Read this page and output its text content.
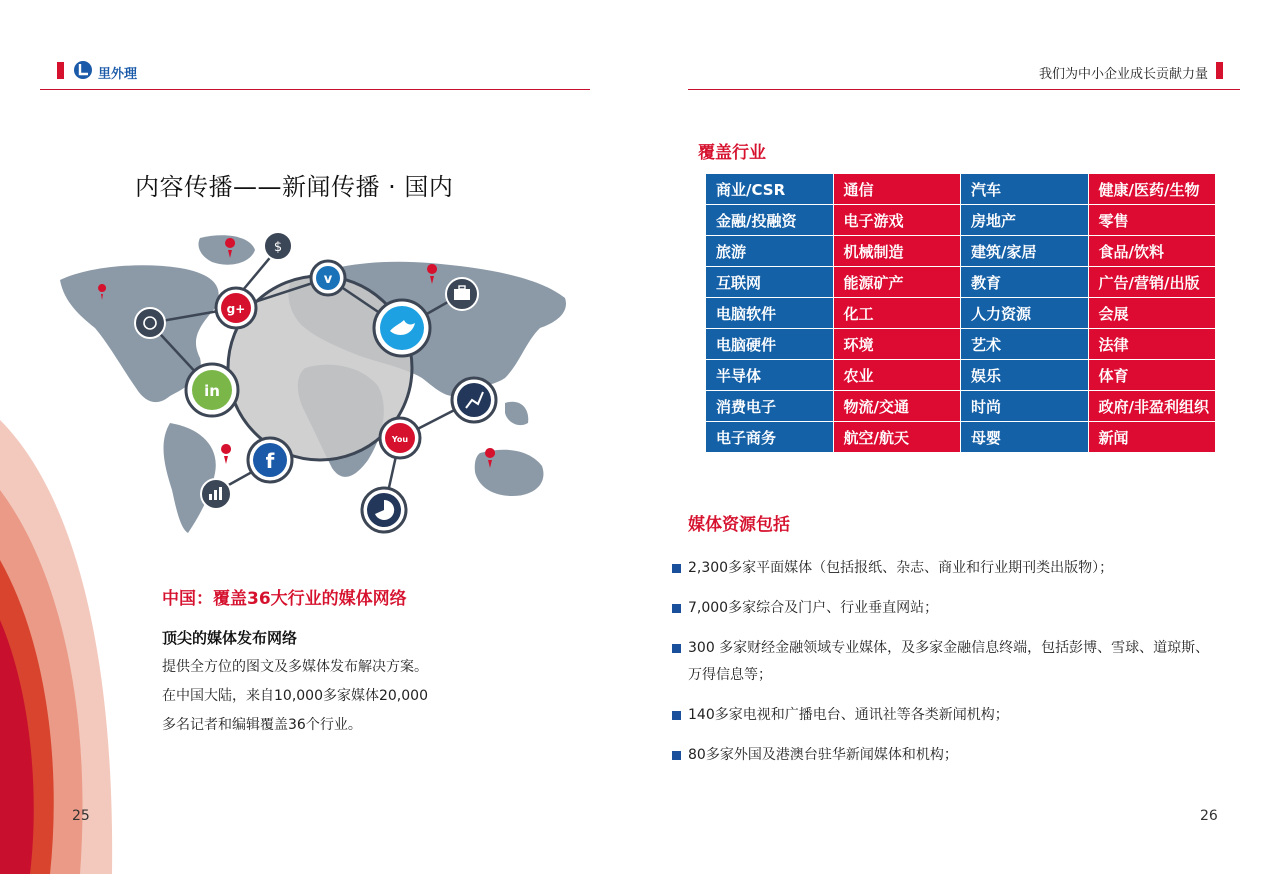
里外理	我们为中小企业成长贡献力量
内容传播——新闻传播 · 国内
$
v
g+
in
You
f
中国：覆盖36大行业的媒体网络
顶尖的媒体发布网络
提供全方位的图文及多媒体发布解决方案。
在中国大陆，来自10,000多家媒体20,000
多名记者和编辑覆盖36个行业。
25
覆盖行业
商业/CSR	通信	汽车	健康/医药/生物
金融/投融资	电子游戏	房地产	零售
旅游	机械制造	建筑/家居	食品/饮料
互联网	能源矿产	教育	广告/营销/出版
电脑软件	化工	人力资源	会展
电脑硬件	环境	艺术	法律
半导体	农业	娱乐	体育
消费电子	物流/交通	时尚	政府/非盈利组织
电子商务	航空/航天	母婴	新闻
媒体资源包括
2,300多家平面媒体（包括报纸、杂志、商业和行业期刊类出版物）；
7,000多家综合及门户、行业垂直网站；
300 多家财经金融领域专业媒体，及多家金融信息终端，包括彭博、雪球、道琼斯、万得信息等；
140多家电视和广播电台、通讯社等各类新闻机构；
80多家外国及港澳台驻华新闻媒体和机构；
26
